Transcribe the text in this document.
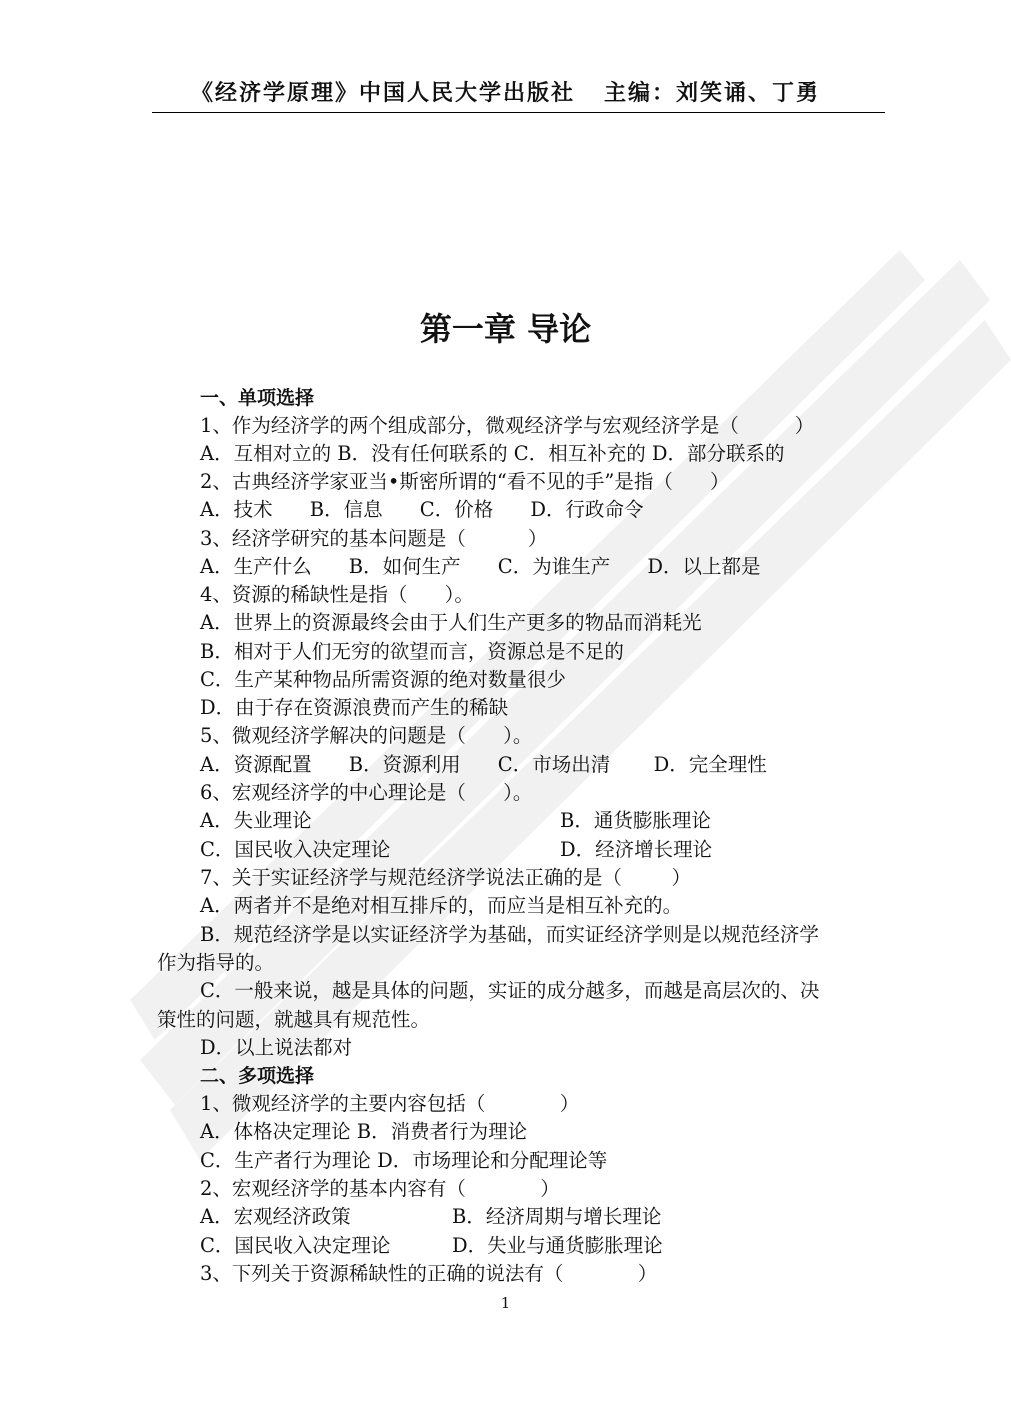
《经济学原理》中国人民大学出版社   主编：刘笑诵、丁勇
第一章 导论
一、单项选择
1、作为经济学的两个组成部分，微观经济学与宏观经济学是（         ）
A．互相对立的 B．没有任何联系的 C．相互补充的 D．部分联系的
2、古典经济学家亚当•斯密所谓的“看不见的手”是指（      ）
A．技术      B．信息      C．价格      D．行政命令
3、经济学研究的基本问题是（          ）
A．生产什么      B．如何生产      C．为谁生产      D．以上都是
4、资源的稀缺性是指（      ）。
A．世界上的资源最终会由于人们生产更多的物品而消耗光
B．相对于人们无穷的欲望而言，资源总是不足的
C．生产某种物品所需资源的绝对数量很少
D．由于存在资源浪费而产生的稀缺
5、微观经济学解决的问题是（      ）。
A．资源配置      B．资源利用      C．市场出清       D．完全理性
6、宏观经济学的中心理论是（      ）。
A．失业理论	B．通货膨胀理论
C．国民收入决定理论	D．经济增长理论
7、关于实证经济学与规范经济学说法正确的是（        ）
A．两者并不是绝对相互排斥的，而应当是相互补充的。
B．规范经济学是以实证经济学为基础，而实证经济学则是以规范经济学
作为指导的。
C．一般来说，越是具体的问题，实证的成分越多，而越是高层次的、决
策性的问题，就越具有规范性。
D．以上说法都对
二、多项选择
1、微观经济学的主要内容包括（            ）
A．体格决定理论 B．消费者行为理论
C．生产者行为理论 D．市场理论和分配理论等
2、宏观经济学的基本内容有（            ）
A．宏观经济政策	B．经济周期与增长理论
C．国民收入决定理论	D．失业与通货膨胀理论
3、下列关于资源稀缺性的正确的说法有（            ）
1
